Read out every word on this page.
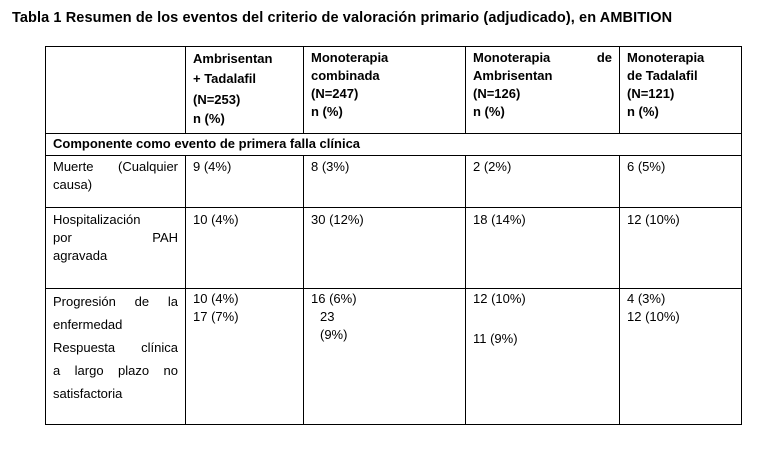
Tabla 1 Resumen de los eventos del criterio de valoración primario (adjudicado), en AMBITION

	Ambrisentan
+ Tadalafil
(N=253)
n (%)	Monoterapia
combinada
(N=247)
n (%)	Monoterapia de
Ambrisentan
(N=126)
n (%)	Monoterapia
de Tadalafil
(N=121)
n (%)

Componente como evento de primera falla clínica				
Muerte (Cualquier causa)	9 (4%)	8 (3%)	2 (2%)	6 (5%)

Hospitalización
por PAH
agravada	10 (4%)	30 (12%)	18 (14%)	12 (10%)

Progresión de la
enfermedad
Respuesta clínica
a largo plazo no
satisfactoria	10 (4%)
17 (7%)	16 (6%)
23
(9%)	12 (10%)
11 (9%)	4 (3%)
12 (10%)
